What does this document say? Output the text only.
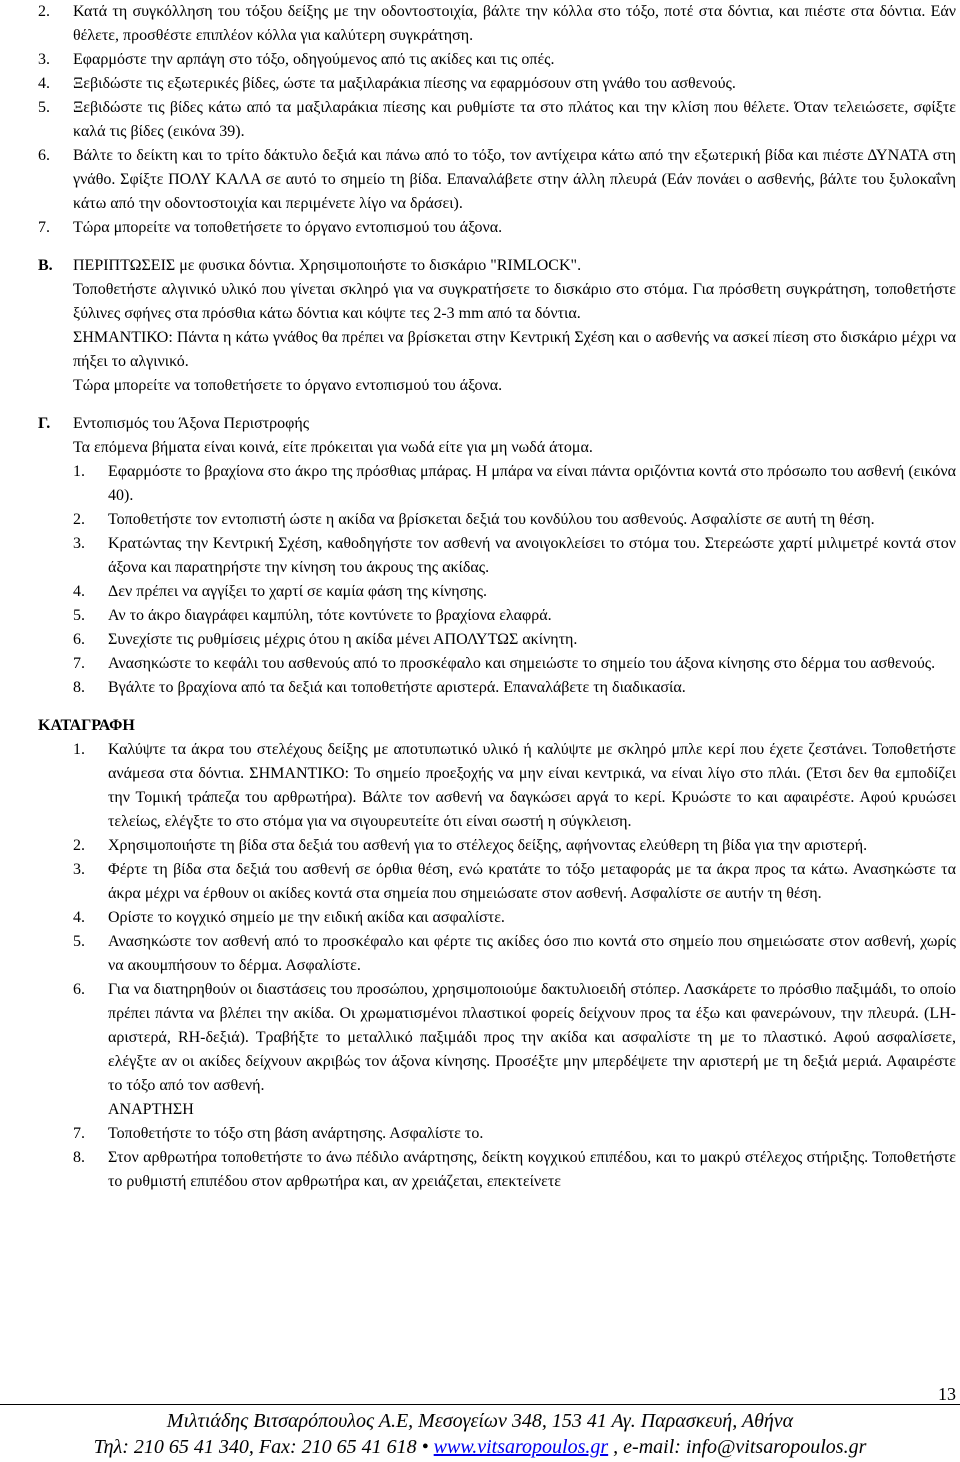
2. Κατά τη συγκόλληση του τόξου δείξης με την οδοντοστοιχία, βάλτε την κόλλα στο τόξο, ποτέ στα δόντια, και πιέστε στα δόντια. Εάν θέλετε, προσθέστε επιπλέον κόλλα για καλύτερη συγκράτηση.
3. Εφαρμόστε την αρπάγη στο τόξο, οδηγούμενος από τις ακίδες και τις οπές.
4. Ξεβιδώστε τις εξωτερικές βίδες, ώστε τα μαξιλαράκια πίεσης να εφαρμόσουν στη γνάθο του ασθενούς.
5. Ξεβιδώστε τις βίδες κάτω από τα μαξιλαράκια πίεσης και ρυθμίστε τα στο πλάτος και την κλίση που θέλετε. Όταν τελειώσετε, σφίξτε καλά τις βίδες (εικόνα 39).
6. Βάλτε το δείκτη και το τρίτο δάκτυλο δεξιά και πάνω από το τόξο, τον αντίχειρα κάτω από την εξωτερική βίδα και πιέστε ΔΥΝΑΤΑ στη γνάθο. Σφίξτε ΠΟΛΥ ΚΑΛΑ σε αυτό το σημείο τη βίδα. Επαναλάβετε στην άλλη πλευρά (Εάν πονάει ο ασθενής, βάλτε του ξυλοκαΐνη κάτω από την οδοντοστοιχία και περιμένετε λίγο να δράσει).
7. Τώρα μπορείτε να τοποθετήσετε το όργανο εντοπισμού του άξονα.
Β. ΠΕΡΙΠΤΩΣΕΙΣ με φυσικα δόντια. Χρησιμοποιήστε το δισκάριο "RIMLOCK".
Τοποθετήστε αλγινικό υλικό που γίνεται σκληρό για να συγκρατήσετε το δισκάριο στο στόμα. Για πρόσθετη συγκράτηση, τοποθετήστε ξύλινες σφήνες στα πρόσθια κάτω δόντια και κόψτε τες 2-3 mm από τα δόντια.
ΣΗΜΑΝΤΙΚΟ: Πάντα η κάτω γνάθος θα πρέπει να βρίσκεται στην Κεντρική Σχέση και ο ασθενής να ασκεί πίεση στο δισκάριο μέχρι να πήξει το αλγινικό.
Τώρα μπορείτε να τοποθετήσετε το όργανο εντοπισμού του άξονα.
Γ. Εντοπισμός του Άξονα Περιστροφής
Τα επόμενα βήματα είναι κοινά, είτε πρόκειται για νωδά είτε για μη νωδά άτομα.
1. Εφαρμόστε το βραχίονα στο άκρο της πρόσθιας μπάρας. Η μπάρα να είναι πάντα οριζόντια κοντά στο πρόσωπο του ασθενή (εικόνα 40).
2. Τοποθετήστε τον εντοπιστή ώστε η ακίδα να βρίσκεται δεξιά του κονδύλου του ασθενούς. Ασφαλίστε σε αυτή τη θέση.
3. Κρατώντας την Κεντρική Σχέση, καθοδηγήστε τον ασθενή να ανοιγοκλείσει το στόμα του. Στερεώστε χαρτί μιλιμετρέ κοντά στον άξονα και παρατηρήστε την κίνηση του άκρους της ακίδας.
4. Δεν πρέπει να αγγίξει το χαρτί σε καμία φάση της κίνησης.
5. Αν το άκρο διαγράφει καμπύλη, τότε κοντύνετε το βραχίονα ελαφρά.
6. Συνεχίστε τις ρυθμίσεις μέχρις ότου η ακίδα μένει ΑΠΟΛΥΤΩΣ ακίνητη.
7. Ανασηκώστε το κεφάλι του ασθενούς από το προσκέφαλο και σημειώστε το σημείο του άξονα κίνησης στο δέρμα του ασθενούς.
8. Βγάλτε το βραχίονα από τα δεξιά και τοποθετήστε αριστερά. Επαναλάβετε τη διαδικασία.
ΚΑΤΑΓΡΑΦΗ
1. Καλύψτε τα άκρα του στελέχους δείξης με αποτυπωτικό υλικό ή καλύψτε με σκληρό μπλε κερί που έχετε ζεστάνει. Τοποθετήστε ανάμεσα στα δόντια. ΣΗΜΑΝΤΙΚΟ: Το σημείο προεξοχής να μην είναι κεντρικά, να είναι λίγο στο πλάι. (Έτσι δεν θα εμποδίζει την Τομική τράπεζα του αρθρωτήρα). Βάλτε τον ασθενή να δαγκώσει αργά το κερί. Κρυώστε το και αφαιρέστε. Αφού κρυώσει τελείως, ελέγξτε το στο στόμα για να σιγουρευτείτε ότι είναι σωστή η σύγκλειση.
2. Χρησιμοποιήστε τη βίδα στα δεξιά του ασθενή για το στέλεχος δείξης, αφήνοντας ελεύθερη τη βίδα για την αριστερή.
3. Φέρτε τη βίδα στα δεξιά του ασθενή σε όρθια θέση, ενώ κρατάτε το τόξο μεταφοράς με τα άκρα προς τα κάτω. Ανασηκώστε τα άκρα μέχρι να έρθουν οι ακίδες κοντά στα σημεία που σημειώσατε στον ασθενή. Ασφαλίστε σε αυτήν τη θέση.
4. Ορίστε το κογχικό σημείο με την ειδική ακίδα και ασφαλίστε.
5. Ανασηκώστε τον ασθενή από το προσκέφαλο και φέρτε τις ακίδες όσο πιο κοντά στο σημείο που σημειώσατε στον ασθενή, χωρίς να ακουμπήσουν το δέρμα. Ασφαλίστε.
6. Για να διατηρηθούν οι διαστάσεις του προσώπου, χρησιμοποιούμε δακτυλιοειδή στόπερ. Λασκάρετε το πρόσθιο παξιμάδι, το οποίο πρέπει πάντα να βλέπει την ακίδα. Οι χρωματισμένοι πλαστικοί φορείς δείχνουν προς τα έξω και φανερώνουν, την πλευρά. (LH-αριστερά, RH-δεξιά). Τραβήξτε το μεταλλικό παξιμάδι προς την ακίδα και ασφαλίστε τη με το πλαστικό. Αφού ασφαλίσετε, ελέγξτε αν οι ακίδες δείχνουν ακριβώς τον άξονα κίνησης. Προσέξτε μην μπερδέψετε την αριστερή με τη δεξιά μεριά. Αφαιρέστε το τόξο από τον ασθενή.
ΑΝΑΡΤΗΣΗ
7. Τοποθετήστε το τόξο στη βάση ανάρτησης. Ασφαλίστε το.
8. Στον αρθρωτήρα τοποθετήστε το άνω πέδιλο ανάρτησης, δείκτη κογχικού επιπέδου, και το μακρύ στέλεχος στήριξης. Τοποθετήστε το ρυθμιστή επιπέδου στον αρθρωτήρα και, αν χρειάζεται, επεκτείνετε
13
Μιλτιάδης Βιτσαρόπουλος Α.Ε, Μεσογείων 348, 153 41 Αγ. Παρασκευή, Αθήνα
Τηλ: 210 65 41 340, Fax: 210 65 41 618 • www.vitsaropoulos.gr , e-mail: info@vitsaropoulos.gr
